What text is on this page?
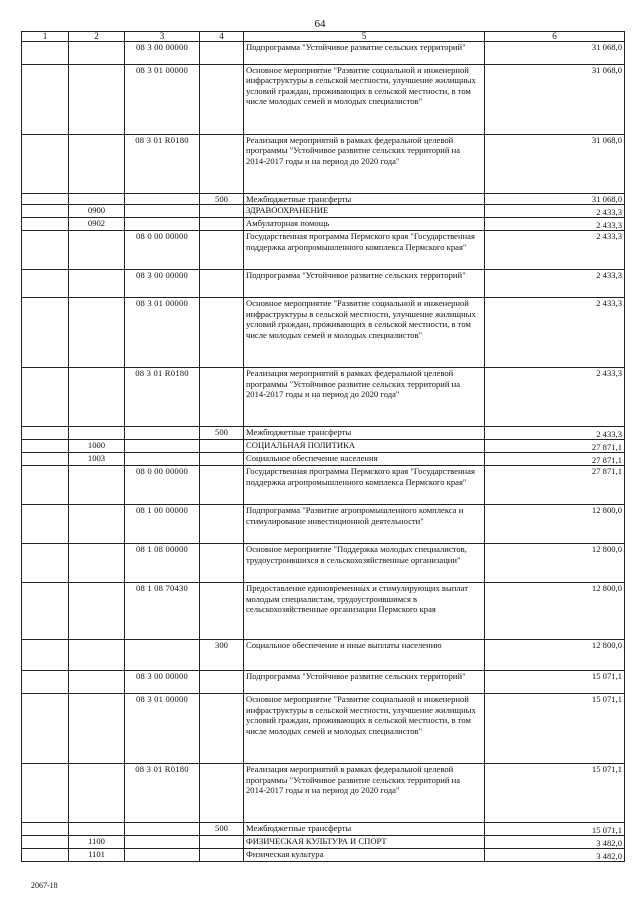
64
1	2	3	4	5	6
		08 3 00 00000		Подпрограмма "Устойчивое развитие сельских территорий"	31 068,0
		08 3 01 00000		Основное мероприятие "Развитие социальной и инженерной инфраструктуры в сельской местности, улучшение жилищных условий граждан, проживающих в сельской местности, в том числе молодых семей и молодых специалистов"	31 068,0
		08 3 01 R0180		Реализация мероприятий в рамках федеральной целевой программы "Устойчивое развитие сельских территорий на 2014-2017 годы и на период до 2020 года"	31 068,0
			500	Межбюджетные трансферты	31 068,0
	0900			ЗДРАВООХРАНЕНИЕ	2 433,3
	0902			Амбулаторная помощь	2 433,3
		08 0 00 00000		Государственная программа Пермского края "Государственная поддержка агропромышленного комплекса Пермского края"	2 433,3
		08 3 00 00000		Подпрограмма "Устойчивое развитие сельских территорий"	2 433,3
		08 3 01 00000		Основное мероприятие "Развитие социальной и инженерной инфраструктуры в сельской местности, улучшение жилищных условий граждан, проживающих в сельской местности, в том числе молодых семей и молодых специалистов"	2 433,3
		08 3 01 R0180		Реализация мероприятий в рамках федеральной целевой программы "Устойчивое развитие сельских территорий на 2014-2017 годы и на период до 2020 года"	2 433,3
			500	Межбюджетные трансферты	2 433,3
	1000			СОЦИАЛЬНАЯ ПОЛИТИКА	27 871,1
	1003			Социальное обеспечение населения	27 871,1
		08 0 00 00000		Государственная программа Пермского края "Государственная поддержка агропромышленного комплекса Пермского края"	27 871,1
		08 1 00 00000		Подпрограмма "Развитие агропромышленного комплекса и стимулирование инвестиционной деятельности"	12 800,0
		08 1 08 00000		Основное мероприятие "Поддержка молодых специалистов, трудоустроившихся в сельскохозяйственные организации"	12 800,0
		08 1 08 70430		Предоставление единовременных и стимулирующих выплат молодым специалистам, трудоустроившимся в сельскохозяйственные организации Пермского края	12 800,0
			300	Социальное обеспечение и иные выплаты населению	12 800,0
		08 3 00 00000		Подпрограмма "Устойчивое развитие сельских территорий"	15 071,1
		08 3 01 00000		Основное мероприятие "Развитие социальной и инженерной инфраструктуры в сельской местности, улучшение жилищных условий граждан, проживающих в сельской местности, в том числе молодых семей и молодых специалистов"	15 071,1
		08 3 01 R0180		Реализация мероприятий в рамках федеральной целевой программы "Устойчивое развитие сельских территорий на 2014-2017 годы и на период до 2020 года"	15 071,1
			500	Межбюджетные трансферты	15 071,1
	1100			ФИЗИЧЕСКАЯ КУЛЬТУРА И СПОРТ	3 482,0
	1101			Физическая культура	3 482,0
2067-18
